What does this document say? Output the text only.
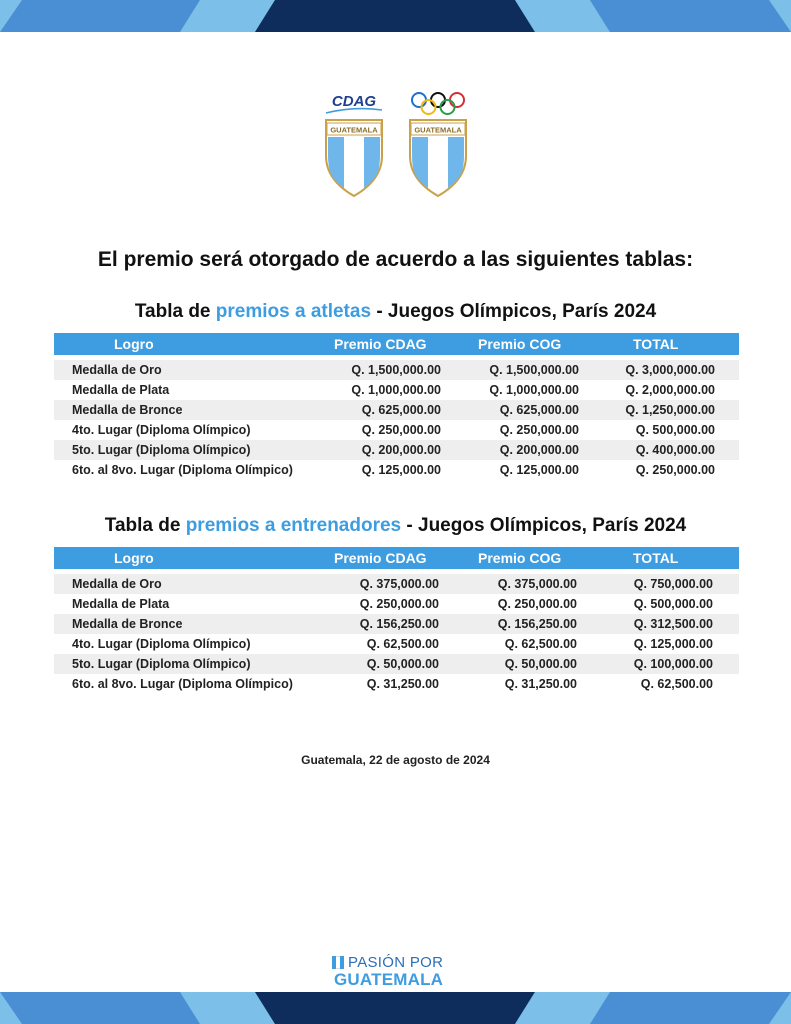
CDAG
GUATEMALA	GUATEMALA
El premio será otorgado de acuerdo a las siguientes tablas:
Tabla de premios a atletas - Juegos Olímpicos, París 2024
Logro	Premio CDAG	Premio COG	TOTAL
Medalla de Oro	Q. 1,500,000.00	Q. 1,500,000.00	Q. 3,000,000.00
Medalla de Plata	Q. 1,000,000.00	Q. 1,000,000.00	Q. 2,000,000.00
Medalla de Bronce	Q. 625,000.00	Q. 625,000.00	Q. 1,250,000.00
4to. Lugar (Diploma Olímpico)	Q. 250,000.00	Q. 250,000.00	Q. 500,000.00
5to. Lugar (Diploma Olímpico)	Q. 200,000.00	Q. 200,000.00	Q. 400,000.00
6to. al 8vo. Lugar (Diploma Olímpico)	Q. 125,000.00	Q. 125,000.00	Q. 250,000.00
Tabla de premios a entrenadores - Juegos Olímpicos, París 2024
Logro	Premio CDAG	Premio COG	TOTAL
Medalla de Oro	Q. 375,000.00	Q. 375,000.00	Q. 750,000.00
Medalla de Plata	Q. 250,000.00	Q. 250,000.00	Q. 500,000.00
Medalla de Bronce	Q. 156,250.00	Q. 156,250.00	Q. 312,500.00
4to. Lugar (Diploma Olímpico)	Q. 62,500.00	Q. 62,500.00	Q. 125,000.00
5to. Lugar (Diploma Olímpico)	Q. 50,000.00	Q. 50,000.00	Q. 100,000.00
6to. al 8vo. Lugar (Diploma Olímpico)	Q. 31,250.00	Q. 31,250.00	Q. 62,500.00
Guatemala, 22 de agosto de 2024
PASIÓN POR
GUATEMALA
